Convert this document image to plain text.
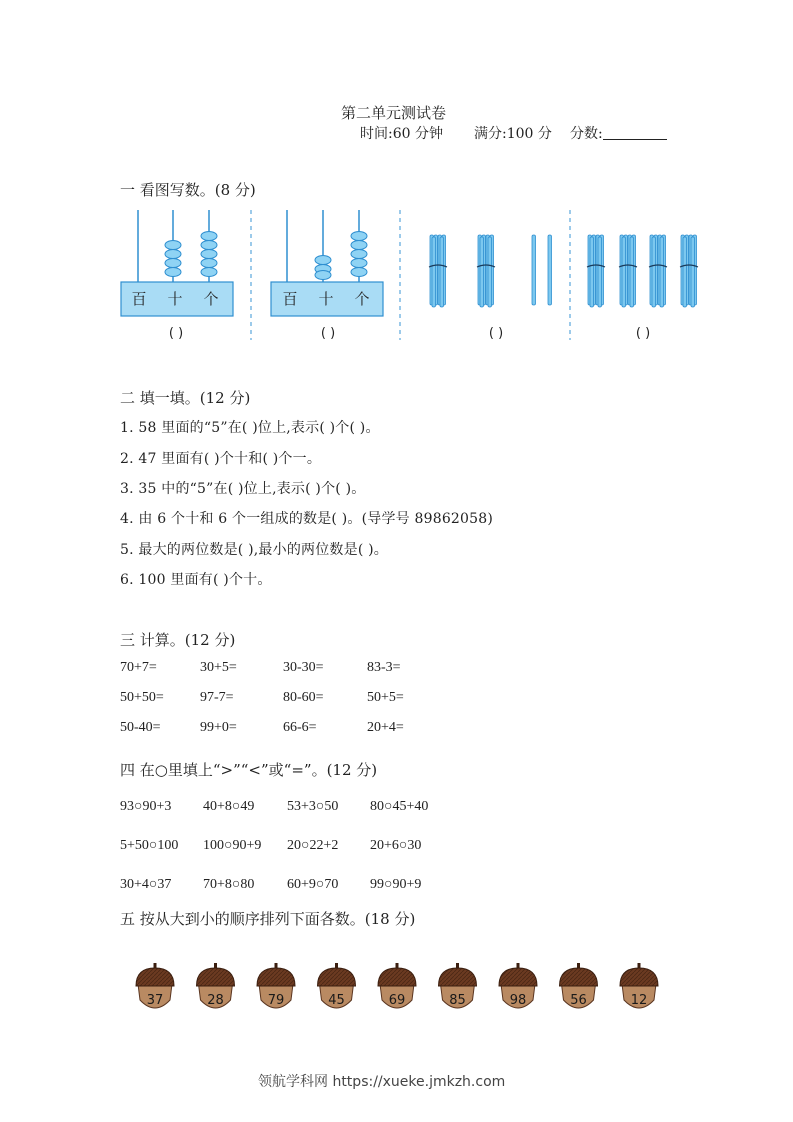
第二单元测试卷
时间:60 分钟 满分:100 分 分数:
一 看图写数。(8 分)
百 十 个	百 十 个
( )	( )	( )	( )
二 填一填。(12 分)
1. 58 里面的“5”在( )位上,表示( )个( )。
2. 47 里面有( )个十和( )个一。
3. 35 中的“5”在( )位上,表示( )个( )。
4. 由 6 个十和 6 个一组成的数是( )。(导学号 89862058)
5. 最大的两位数是( ),最小的两位数是( )。
6. 100 里面有( )个十。
三 计算。(12 分)
70+7=	30+5=	30-30=	83-3=
50+50=	97-7=	80-60=	50+5=
50-40=	99+0=	66-6=	20+4=
四 在○里填上“>”“<”或“=”。(12 分)
93○90+3 40+8○49 53+3○50 80○45+40
5+50○100 100○90+9 20○22+2 20+6○30
30+4○37 70+8○80 60+9○70 99○90+9
五 按从大到小的顺序排列下面各数。(18 分)
37	28	79	45	69	85	98	56	12
领航学科网 https://xueke.jmkzh.com
